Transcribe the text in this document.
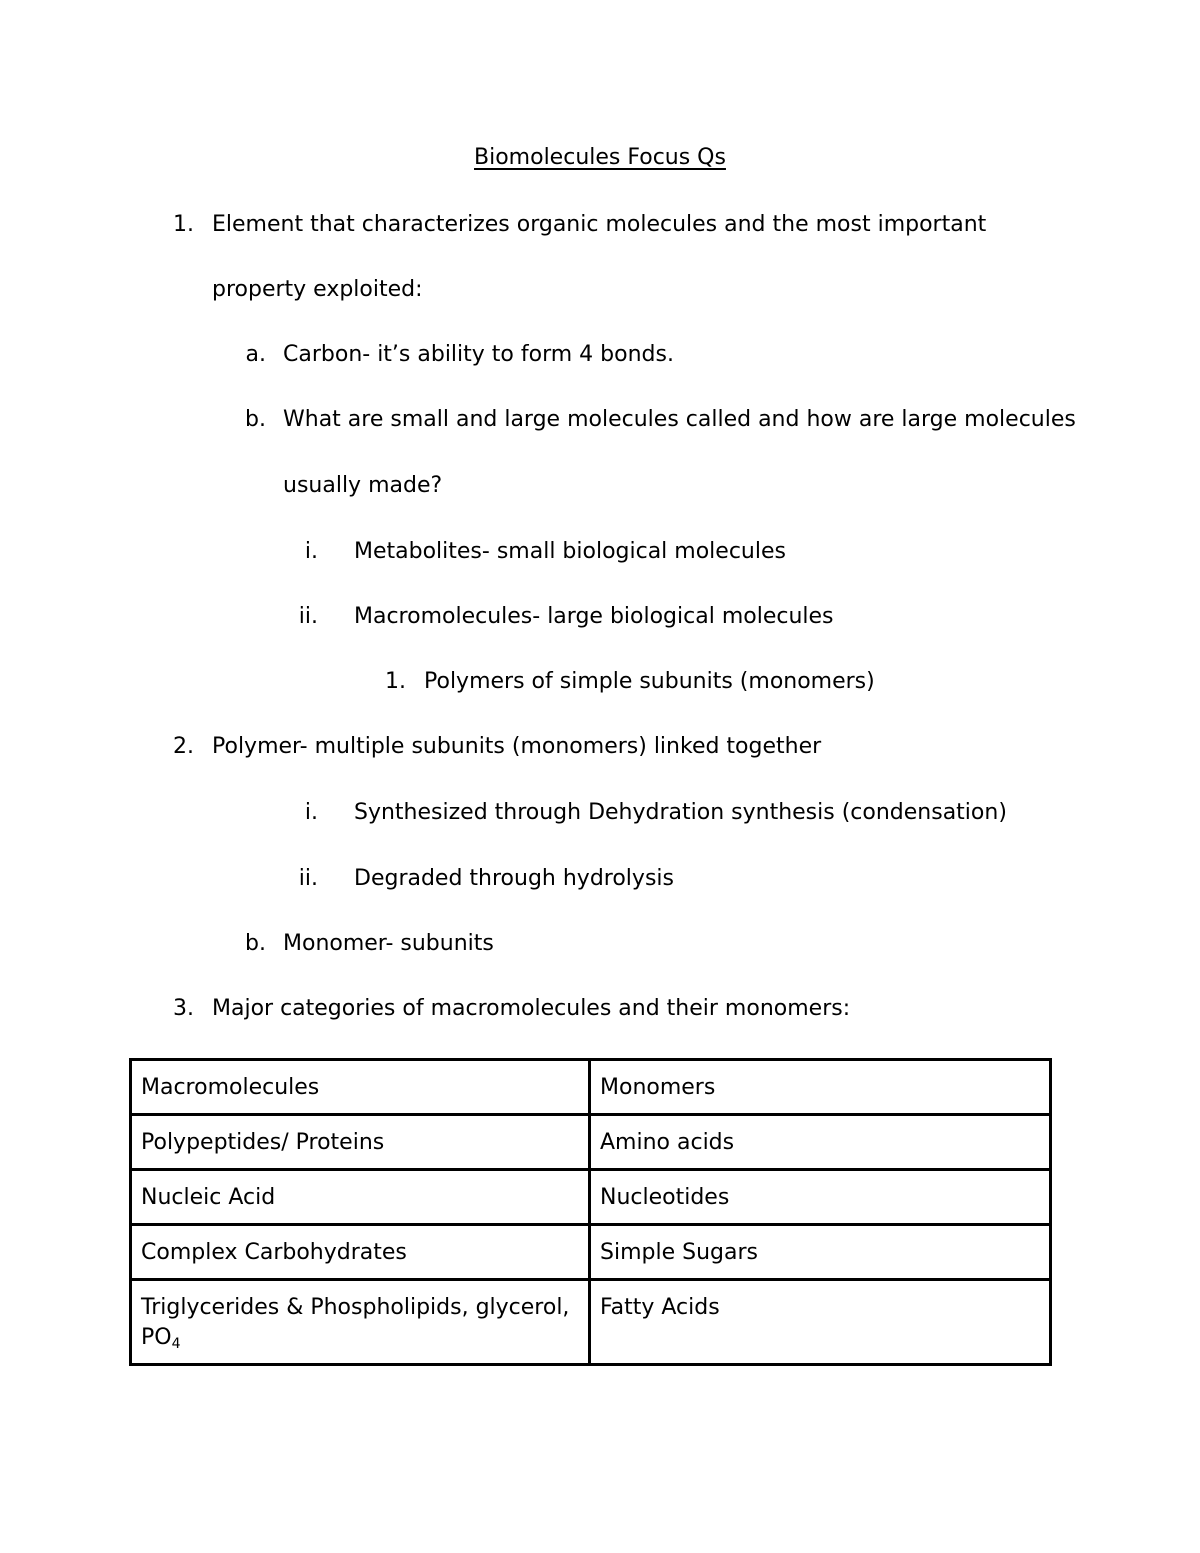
Biomolecules Focus Qs
1. Element that characterizes organic molecules and the most important
property exploited:
a. Carbon- it’s ability to form 4 bonds.
b. What are small and large molecules called and how are large molecules
usually made?
i. Metabolites- small biological molecules
ii. Macromolecules- large biological molecules
1. Polymers of simple subunits (monomers)
2. Polymer- multiple subunits (monomers) linked together
i. Synthesized through Dehydration synthesis (condensation)
ii. Degraded through hydrolysis
b. Monomer- subunits
3. Major categories of macromolecules and their monomers:
Macromolecules	Monomers
Polypeptides/ Proteins	Amino acids
Nucleic Acid	Nucleotides
Complex Carbohydrates	Simple Sugars
Triglycerides & Phospholipids, glycerol,
$PO_4$	Fatty Acids
